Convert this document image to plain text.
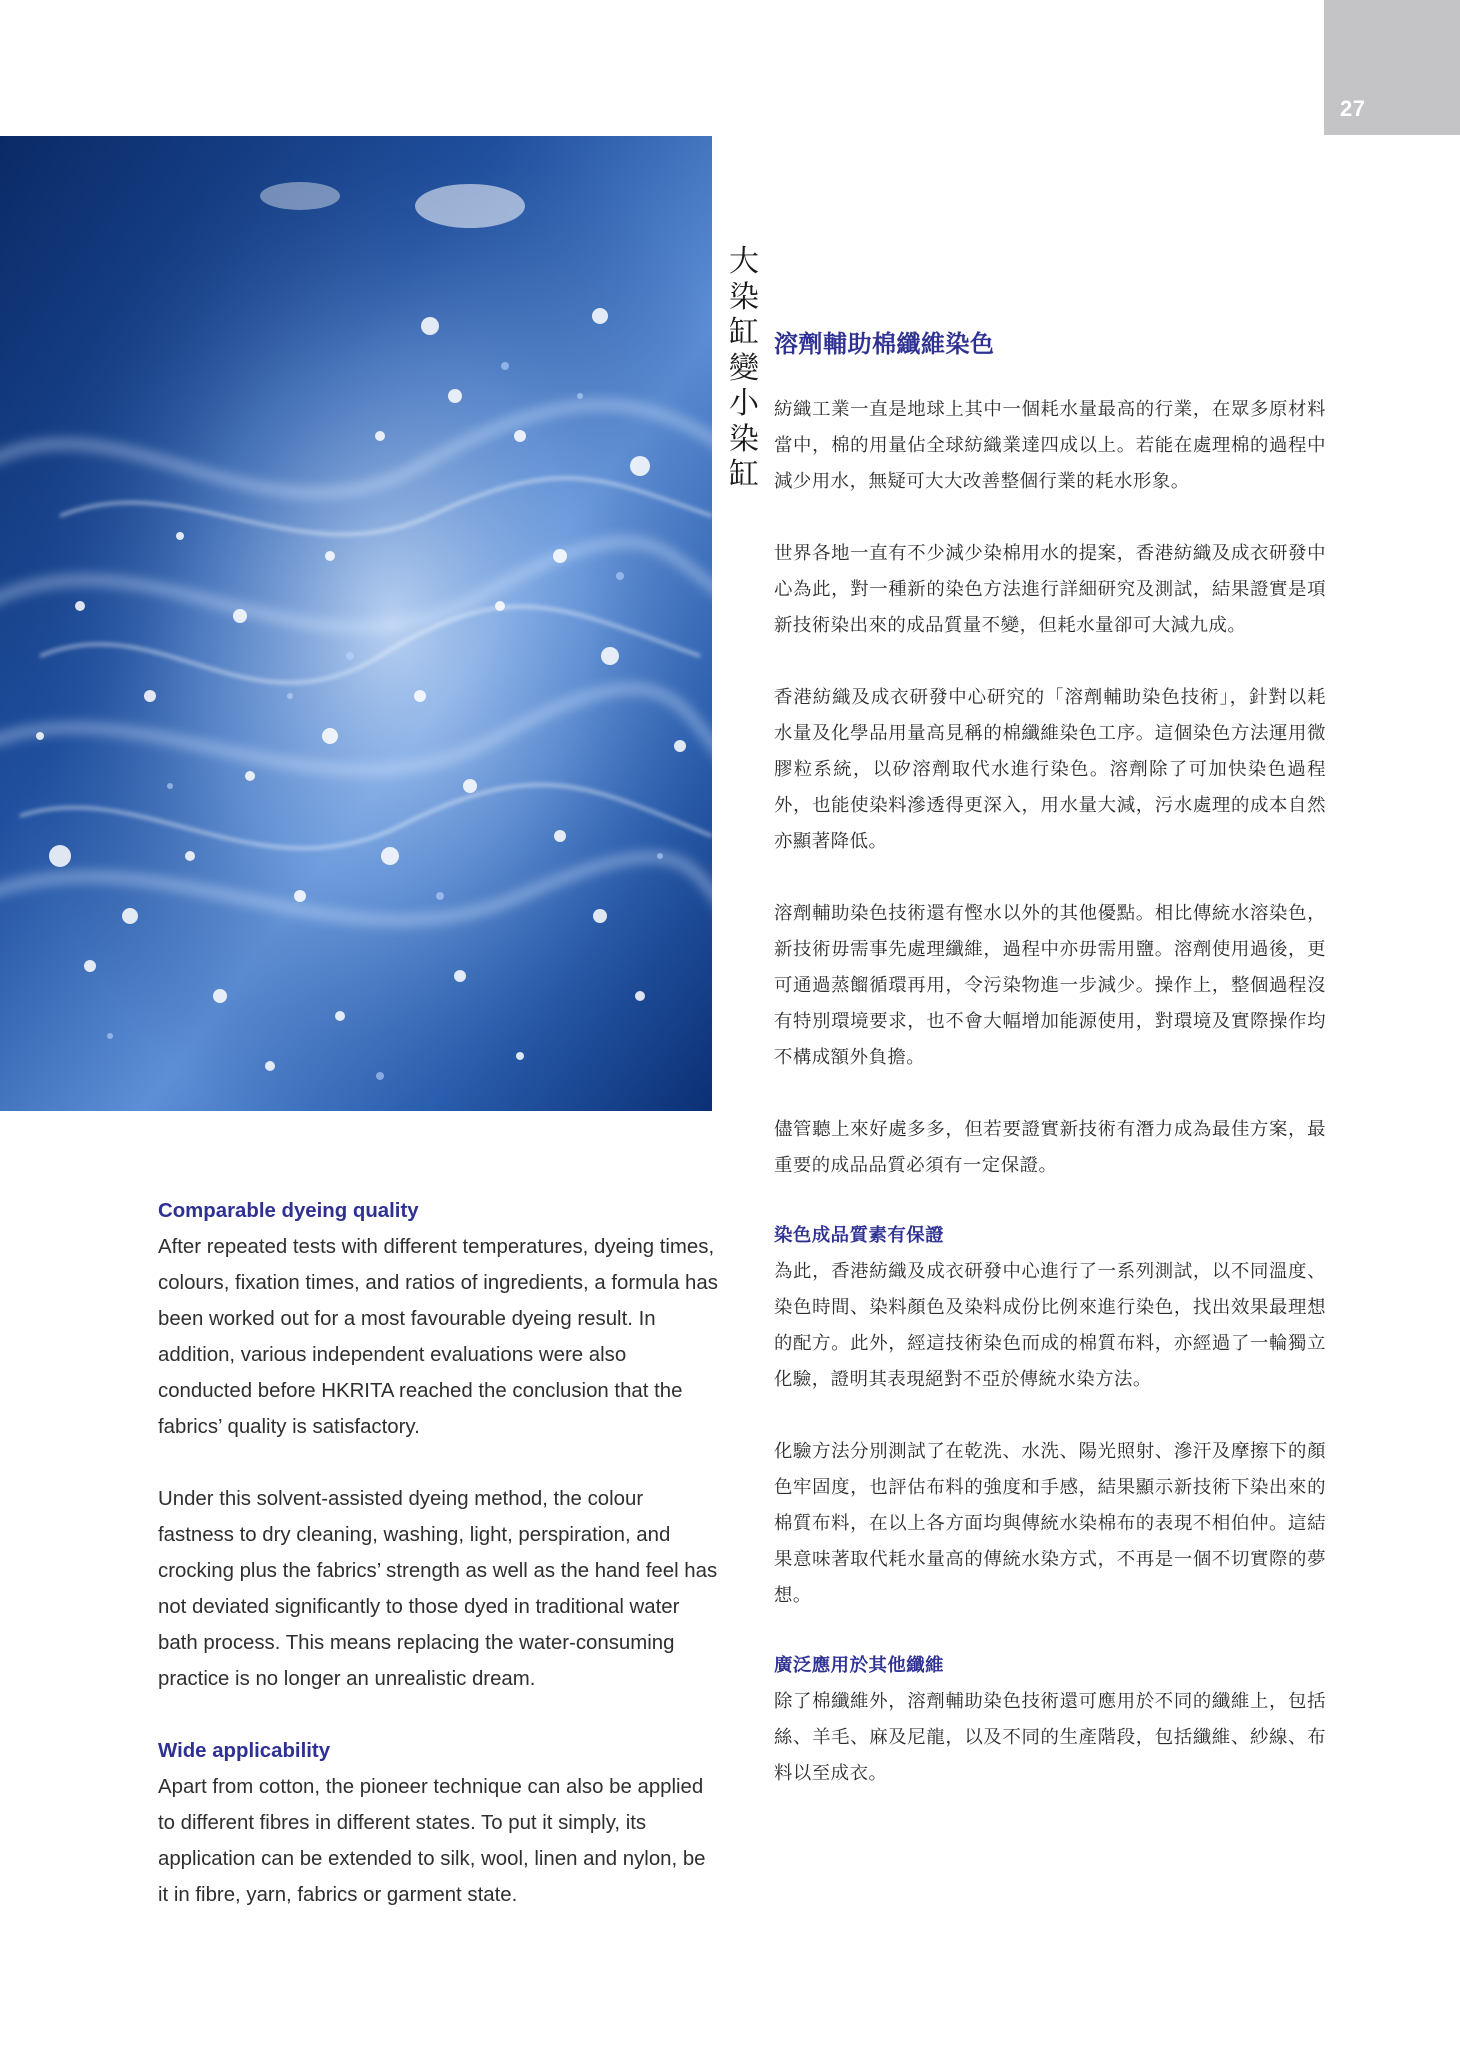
27
大染缸變小染缸
溶劑輔助棉纖維染色

紡織工業一直是地球上其中一個耗水量最高的行業，在眾多原材料當中，棉的用量佔全球紡織業達四成以上。若能在處理棉的過程中減少用水，無疑可大大改善整個行業的耗水形象。

世界各地一直有不少減少染棉用水的提案，香港紡織及成衣研發中心為此，對一種新的染色方法進行詳細研究及測試，結果證實是項新技術染出來的成品質量不變，但耗水量卻可大減九成。

香港紡織及成衣研發中心研究的「溶劑輔助染色技術」，針對以耗水量及化學品用量高見稱的棉纖維染色工序。這個染色方法運用微膠粒系統，以矽溶劑取代水進行染色。溶劑除了可加快染色過程外，也能使染料滲透得更深入，用水量大減，污水處理的成本自然亦顯著降低。

溶劑輔助染色技術還有慳水以外的其他優點。相比傳統水溶染色，新技術毋需事先處理纖維，過程中亦毋需用鹽。溶劑使用過後，更可通過蒸餾循環再用，令污染物進一步減少。操作上，整個過程沒有特別環境要求，也不會大幅增加能源使用，對環境及實際操作均不構成額外負擔。

儘管聽上來好處多多，但若要證實新技術有潛力成為最佳方案，最重要的成品品質必須有一定保證。

染色成品質素有保證

為此，香港紡織及成衣研發中心進行了一系列測試，以不同溫度、染色時間、染料顏色及染料成份比例來進行染色，找出效果最理想的配方。此外，經這技術染色而成的棉質布料，亦經過了一輪獨立化驗，證明其表現絕對不亞於傳統水染方法。

化驗方法分別測試了在乾洗、水洗、陽光照射、滲汗及摩擦下的顏色牢固度，也評估布料的強度和手感，結果顯示新技術下染出來的棉質布料，在以上各方面均與傳統水染棉布的表現不相伯仲。這結果意味著取代耗水量高的傳統水染方式，不再是一個不切實際的夢想。

廣泛應用於其他纖維

除了棉纖維外，溶劑輔助染色技術還可應用於不同的纖維上，包括絲、羊毛、麻及尼龍，以及不同的生產階段，包括纖維、紗線、布料以至成衣。

Comparable dyeing quality

After repeated tests with different temperatures, dyeing times, colours, fixation times, and ratios of ingredients, a formula has been worked out for a most favourable dyeing result. In addition, various independent evaluations were also conducted before HKRITA reached the conclusion that the fabrics’ quality is satisfactory.

Under this solvent-assisted dyeing method, the colour fastness to dry cleaning, washing, light, perspiration, and crocking plus the fabrics’ strength as well as the hand feel has not deviated significantly to those dyed in traditional water bath process. This means replacing the water-consuming practice is no longer an unrealistic dream.

Wide applicability

Apart from cotton, the pioneer technique can also be applied to different fibres in different states. To put it simply, its application can be extended to silk, wool, linen and nylon, be it in fibre, yarn, fabrics or garment state.
